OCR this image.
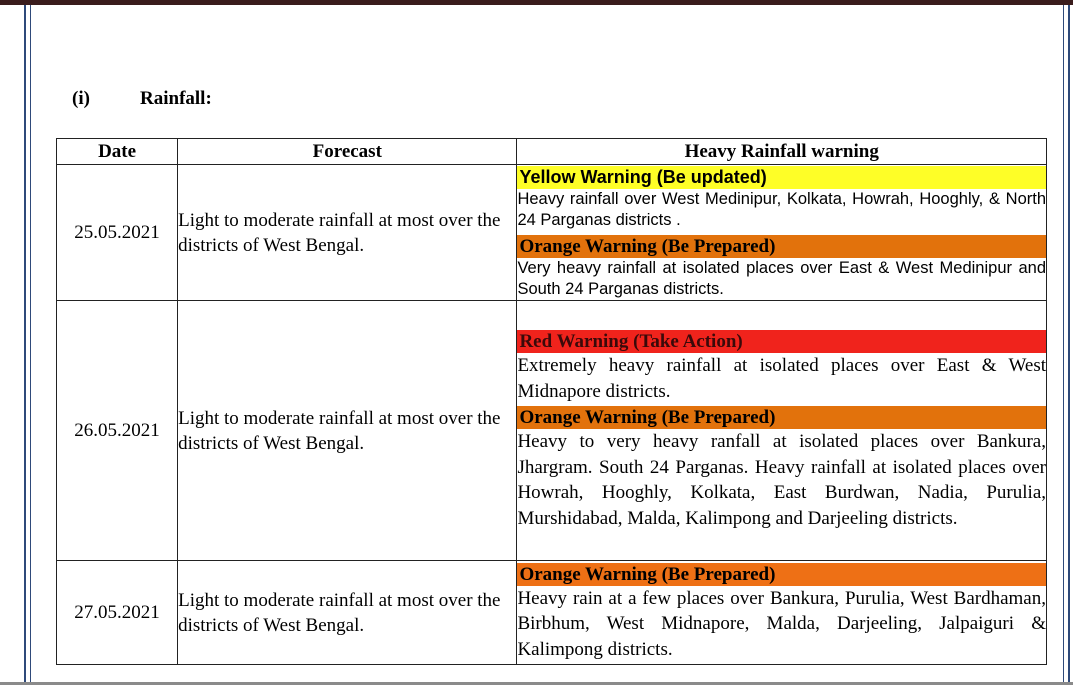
(i)	Rainfall:
Date	Forecast	Heavy Rainfall warning
25.05.2021	Light to moderate rainfall at most over the districts of West Bengal.	Yellow Warning (Be updated)
Heavy rainfall over West Medinipur, Kolkata, Howrah, Hooghly, & North 24 Parganas districts .
Orange Warning (Be Prepared)
Very heavy rainfall at isolated places over East & West Medinipur and South 24 Parganas districts.

26.05.2021	Light to moderate rainfall at most over the districts of West Bengal.	Red Warning (Take Action)
Extremely heavy rainfall at isolated places over East & West Midnapore districts.
Orange Warning (Be Prepared)
Heavy to very heavy ranfall at isolated places over Bankura, Jhargram. South 24 Parganas. Heavy rainfall at isolated places over Howrah, Hooghly, Kolkata, East Burdwan, Nadia, Purulia, Murshidabad, Malda, Kalimpong and Darjeeling districts.

27.05.2021	Light to moderate rainfall at most over the districts of West Bengal.	Orange Warning (Be Prepared)
Heavy rain at a few places over Bankura, Purulia, West Bardhaman, Birbhum, West Midnapore, Malda, Darjeeling, Jalpaiguri & Kalimpong districts.
